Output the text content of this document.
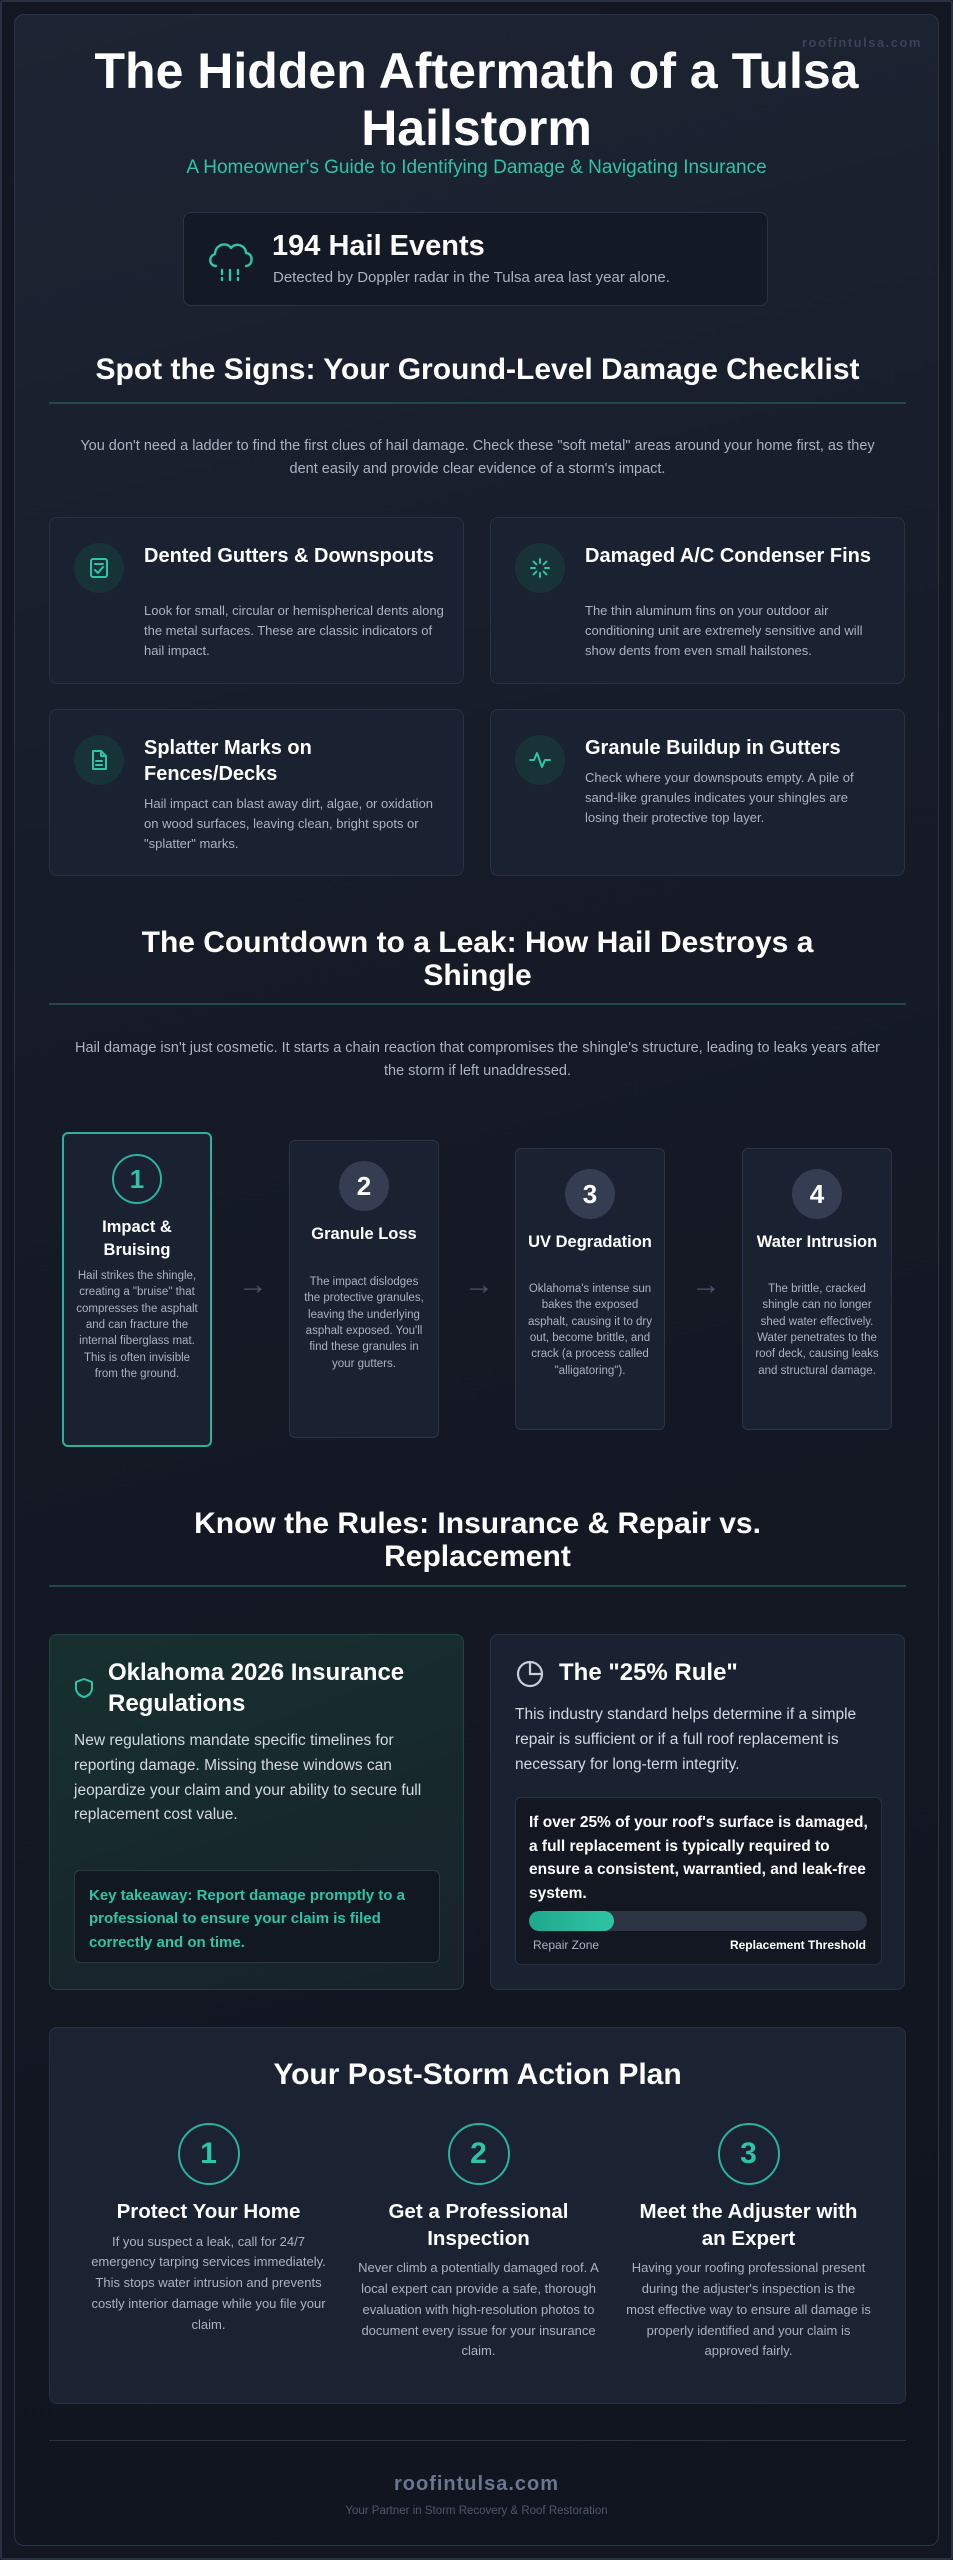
roofintulsa.com
The Hidden Aftermath of a Tulsa Hailstorm
A Homeowner's Guide to Identifying Damage & Navigating Insurance
194 Hail Events
Detected by Doppler radar in the Tulsa area last year alone.
Spot the Signs: Your Ground-Level Damage Checklist

You don't need a ladder to find the first clues of hail damage. Check these "soft metal" areas around your home first, as they dent easily and provide clear evidence of a storm's impact.

Dented Gutters & Downspouts
Look for small, circular or hemispherical dents along the metal surfaces. These are classic indicators of hail impact.
Damaged A/C Condenser Fins
The thin aluminum fins on your outdoor air conditioning unit are extremely sensitive and will show dents from even small hailstones.
Splatter Marks on Fences/Decks
Hail impact can blast away dirt, algae, or oxidation on wood surfaces, leaving clean, bright spots or "splatter" marks.
Granule Buildup in Gutters
Check where your downspouts empty. A pile of sand-like granules indicates your shingles are losing their protective top layer.
The Countdown to a Leak: How Hail Destroys a Shingle

Hail damage isn't just cosmetic. It starts a chain reaction that compromises the shingle's structure, leading to leaks years after the storm if left unaddressed.

1
Impact & Bruising
Hail strikes the shingle, creating a "bruise" that compresses the asphalt and can fracture the internal fiberglass mat. This is often invisible from the ground.
→
2
Granule Loss
The impact dislodges the protective granules, leaving the underlying asphalt exposed. You'll find these granules in your gutters.
→
3
UV Degradation
Oklahoma's intense sun bakes the exposed asphalt, causing it to dry out, become brittle, and crack (a process called "alligatoring").
→
4
Water Intrusion
The brittle, cracked shingle can no longer shed water effectively. Water penetrates to the roof deck, causing leaks and structural damage.
Know the Rules: Insurance & Repair vs. Replacement
Oklahoma 2026 Insurance Regulations
New regulations mandate specific timelines for reporting damage. Missing these windows can jeopardize your claim and your ability to secure full replacement cost value.
Key takeaway: Report damage promptly to a professional to ensure your claim is filed correctly and on time.
The "25% Rule"
This industry standard helps determine if a simple repair is sufficient or if a full roof replacement is necessary for long-term integrity.
If over 25% of your roof's surface is damaged, a full replacement is typically required to ensure a consistent, warrantied, and leak-free system.
Repair Zone	Replacement Threshold
Your Post-Storm Action Plan
1
Protect Your Home
If you suspect a leak, call for 24/7 emergency tarping services immediately. This stops water intrusion and prevents costly interior damage while you file your claim.
2
Get a Professional Inspection
Never climb a potentially damaged roof. A local expert can provide a safe, thorough evaluation with high-resolution photos to document every issue for your insurance claim.
3
Meet the Adjuster with an Expert
Having your roofing professional present during the adjuster's inspection is the most effective way to ensure all damage is properly identified and your claim is approved fairly.
roofintulsa.com
Your Partner in Storm Recovery & Roof Restoration
